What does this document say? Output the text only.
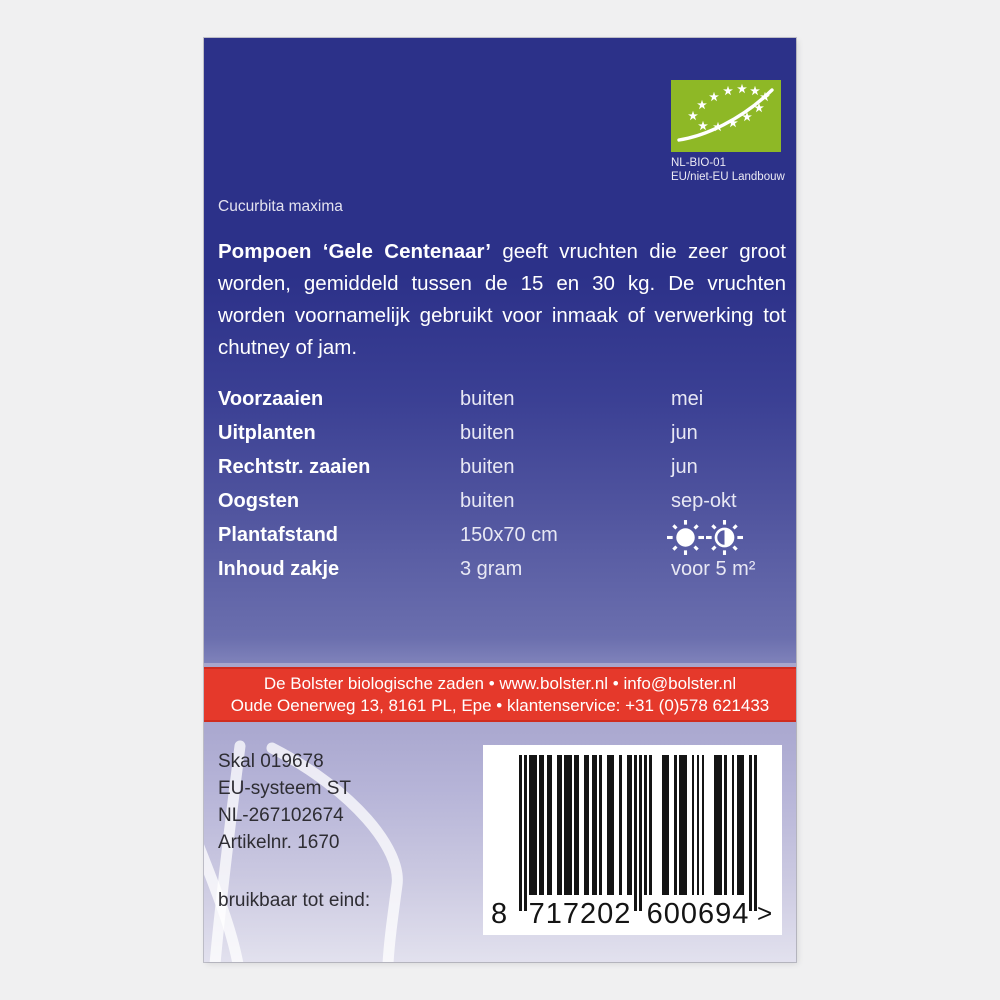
NL-BIO-01
EU/niet-EU Landbouw
Cucurbita maxima

Pompoen ‘Gele Centenaar’ geeft vruchten die zeer groot worden, gemiddeld tussen de 15 en 30 kg. De vruchten worden voornamelijk gebruikt voor inmaak of verwerking tot chutney of jam.

Voorzaaien	buiten	mei
Uitplanten	buiten	jun
Rechtstr. zaaien	buiten	jun
Oogsten	buiten	sep-okt
Plantafstand	150x70 cm
Inhoud zakje	3 gram	voor 5 m²
De Bolster biologische zaden • www.bolster.nl • info@bolster.nl
Oude Oenerweg 13, 8161 PL, Epe • klantenservice: +31 (0)578 621433
Skal 019678
EU-systeem ST
NL-267102674
Artikelnr. 1670
bruikbaar tot eind:	8 717202 600694 >
